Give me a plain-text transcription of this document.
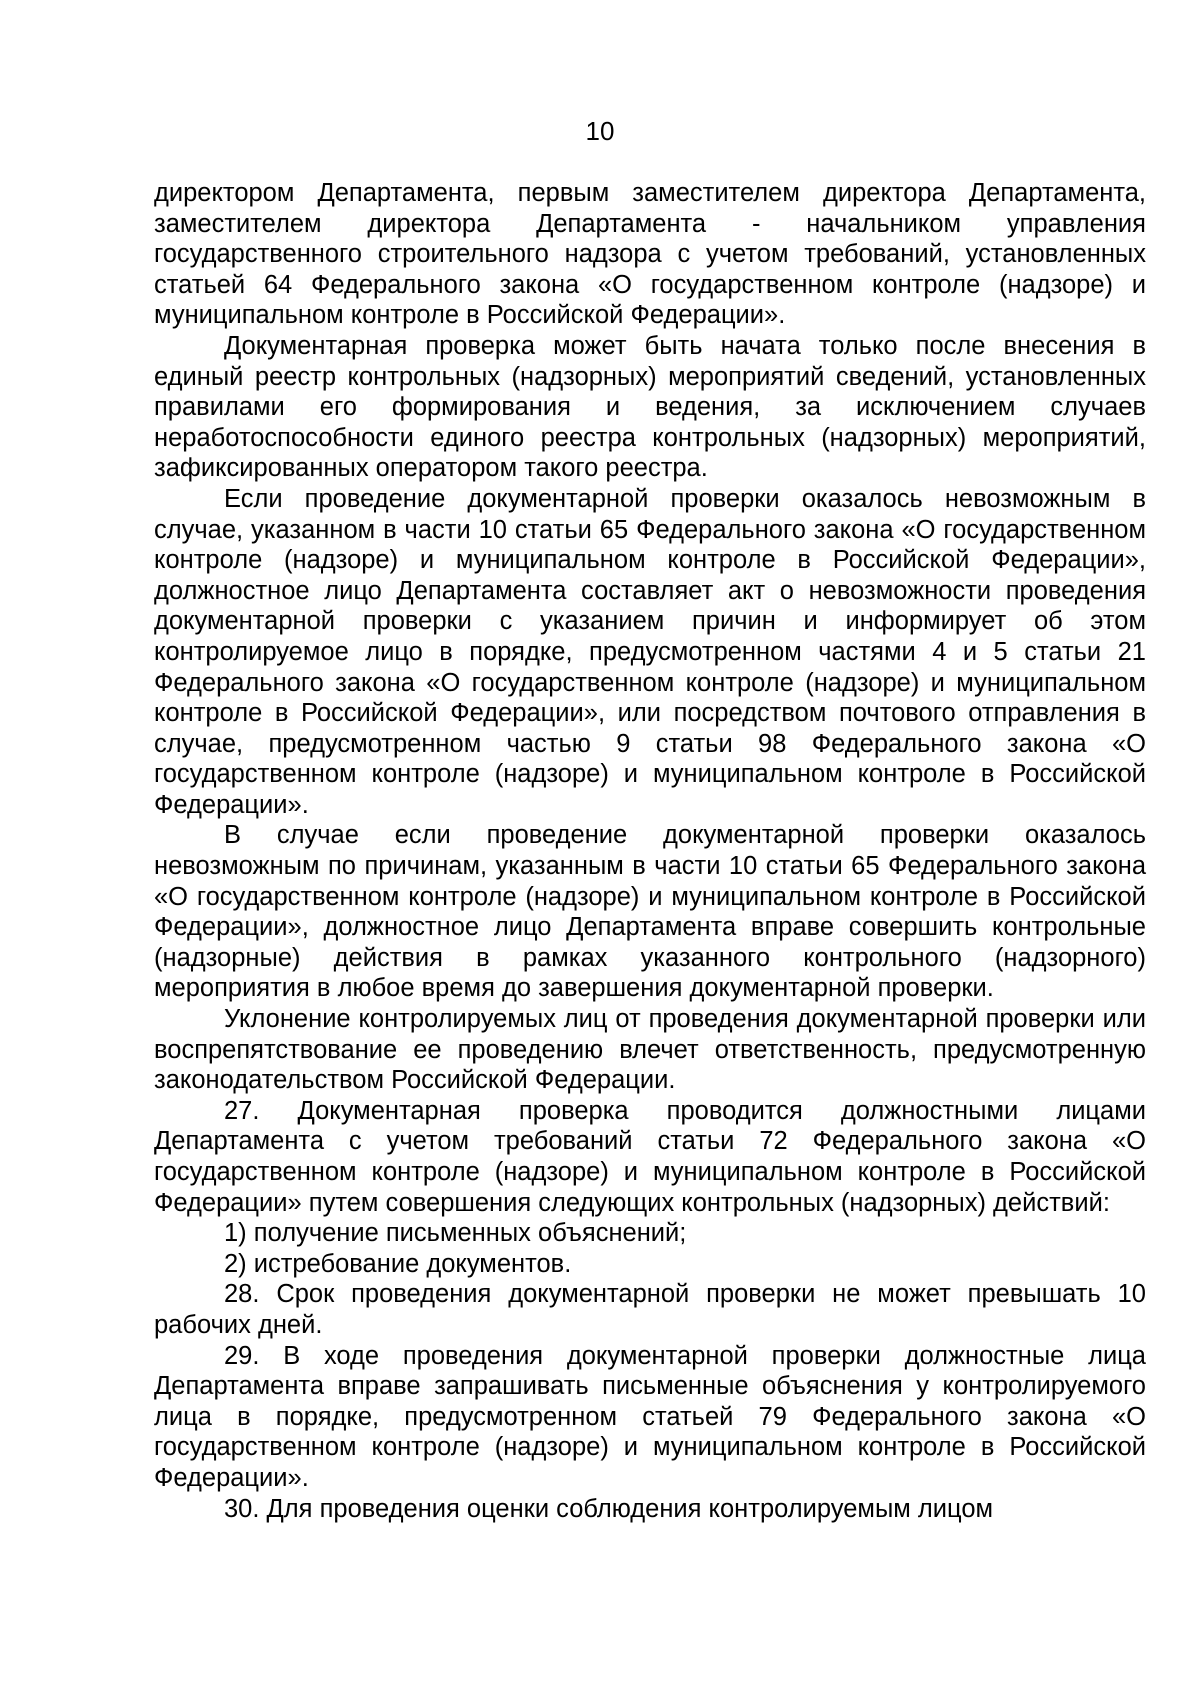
10

директором Департамента, первым заместителем директора Департамента, заместителем директора Департамента - начальником управления государственного строительного надзора с учетом требований, установленных статьей 64 Федерального закона «О государственном контроле (надзоре) и муниципальном контроле в Российской Федерации».

Документарная проверка может быть начата только после внесения в единый реестр контрольных (надзорных) мероприятий сведений, установленных правилами его формирования и ведения, за исключением случаев неработоспособности единого реестра контрольных (надзорных) мероприятий, зафиксированных оператором такого реестра.

Если проведение документарной проверки оказалось невозможным в случае, указанном в части 10 статьи 65 Федерального закона «О государственном контроле (надзоре) и муниципальном контроле в Российской Федерации», должностное лицо Департамента составляет акт о невозможности проведения документарной проверки с указанием причин и информирует об этом контролируемое лицо в порядке, предусмотренном частями 4 и 5 статьи 21 Федерального закона «О государственном контроле (надзоре) и муниципальном контроле в Российской Федерации», или посредством почтового отправления в случае, предусмотренном частью 9 статьи 98 Федерального закона «О государственном контроле (надзоре) и муниципальном контроле в Российской Федерации».

В случае если проведение документарной проверки оказалось невозможным по причинам, указанным в части 10 статьи 65 Федерального закона «О государственном контроле (надзоре) и муниципальном контроле в Российской Федерации», должностное лицо Департамента вправе совершить контрольные (надзорные) действия в рамках указанного контрольного (надзорного) мероприятия в любое время до завершения документарной проверки.

Уклонение контролируемых лиц от проведения документарной проверки или воспрепятствование ее проведению влечет ответственность, предусмотренную законодательством Российской Федерации.

27. Документарная проверка проводится должностными лицами Департамента с учетом требований статьи 72 Федерального закона «О государственном контроле (надзоре) и муниципальном контроле в Российской Федерации» путем совершения следующих контрольных (надзорных) действий:

1) получение письменных объяснений;

2) истребование документов.

28. Срок проведения документарной проверки не может превышать 10 рабочих дней.

29. В ходе проведения документарной проверки должностные лица Департамента вправе запрашивать письменные объяснения у контролируемого лица в порядке, предусмотренном статьей 79 Федерального закона «О государственном контроле (надзоре) и муниципальном контроле в Российской Федерации».

30. Для проведения оценки соблюдения контролируемым лицом
